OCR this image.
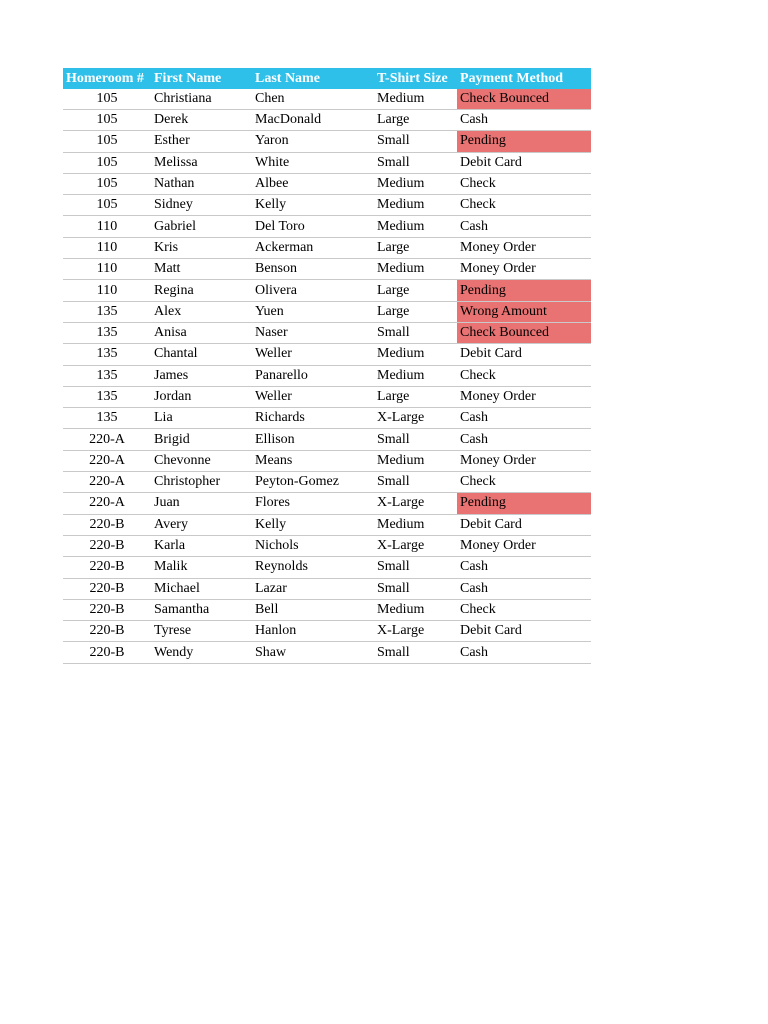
Homeroom #	First Name	Last Name	T-Shirt Size	Payment Method
105	Christiana	Chen	Medium	Check Bounced
105	Derek	MacDonald	Large	Cash
105	Esther	Yaron	Small	Pending
105	Melissa	White	Small	Debit Card
105	Nathan	Albee	Medium	Check
105	Sidney	Kelly	Medium	Check
110	Gabriel	Del Toro	Medium	Cash
110	Kris	Ackerman	Large	Money Order
110	Matt	Benson	Medium	Money Order
110	Regina	Olivera	Large	Pending
135	Alex	Yuen	Large	Wrong Amount
135	Anisa	Naser	Small	Check Bounced
135	Chantal	Weller	Medium	Debit Card
135	James	Panarello	Medium	Check
135	Jordan	Weller	Large	Money Order
135	Lia	Richards	X-Large	Cash
220-A	Brigid	Ellison	Small	Cash
220-A	Chevonne	Means	Medium	Money Order
220-A	Christopher	Peyton-Gomez	Small	Check
220-A	Juan	Flores	X-Large	Pending
220-B	Avery	Kelly	Medium	Debit Card
220-B	Karla	Nichols	X-Large	Money Order
220-B	Malik	Reynolds	Small	Cash
220-B	Michael	Lazar	Small	Cash
220-B	Samantha	Bell	Medium	Check
220-B	Tyrese	Hanlon	X-Large	Debit Card
220-B	Wendy	Shaw	Small	Cash
